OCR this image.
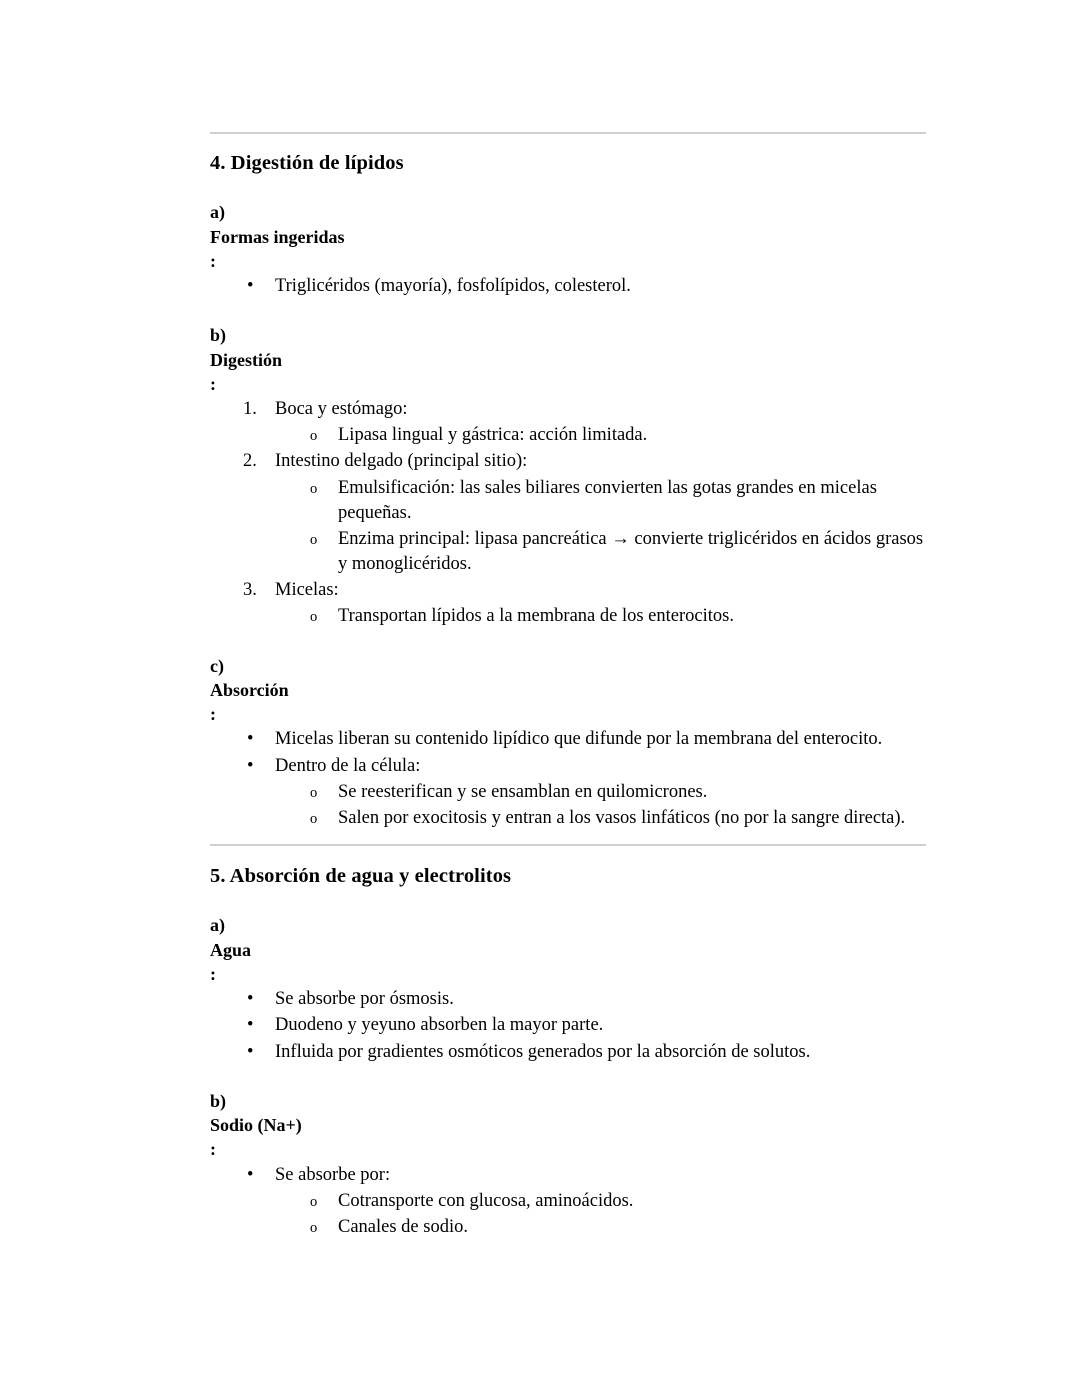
4. Digestión de lípidos
a)
Formas ingeridas
:
•	Triglicéridos (mayoría), fosfolípidos, colesterol.
b)
Digestión
:
1. Boca y estómago:
o	Lipasa lingual y gástrica: acción limitada.
2. Intestino delgado (principal sitio):
o	Emulsificación: las sales biliares convierten las gotas grandes en micelas pequeñas.
o	Enzima principal: lipasa pancreática → convierte triglicéridos en ácidos grasos y monoglicéridos.
3. Micelas:
o	Transportan lípidos a la membrana de los enterocitos.
c)
Absorción
:
•	Micelas liberan su contenido lipídico que difunde por la membrana del enterocito.
•	Dentro de la célula:
o	Se reesterifican y se ensamblan en quilomicrones.
o	Salen por exocitosis y entran a los vasos linfáticos (no por la sangre directa).
5. Absorción de agua y electrolitos
a)
Agua
:
•	Se absorbe por ósmosis.
•	Duodeno y yeyuno absorben la mayor parte.
•	Influida por gradientes osmóticos generados por la absorción de solutos.
b)
Sodio (Na+)
:
•	Se absorbe por:
o	Cotransporte con glucosa, aminoácidos.
o	Canales de sodio.
